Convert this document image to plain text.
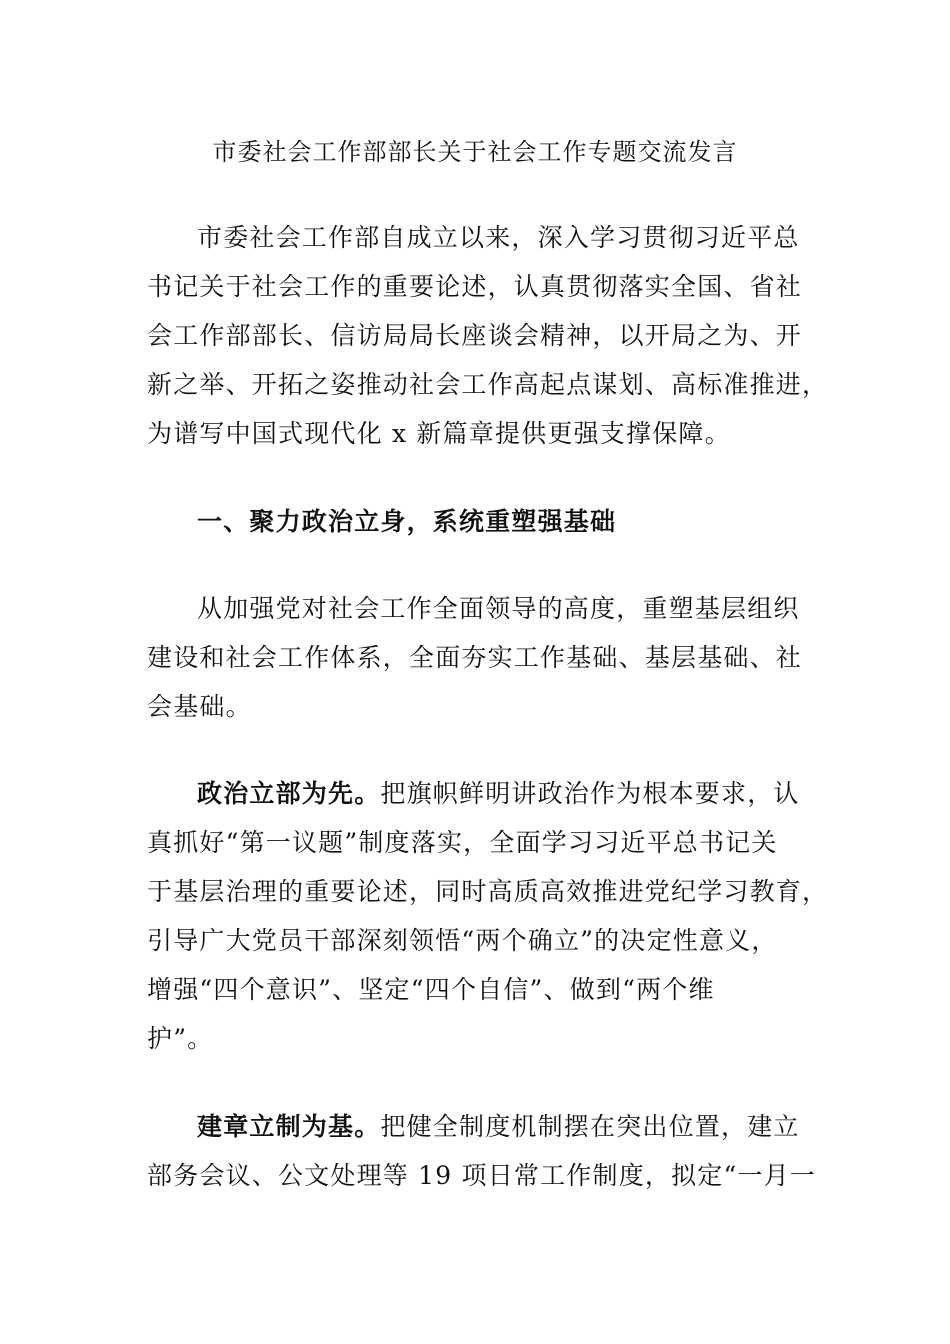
市委社会工作部部长关于社会工作专题交流发言
市委社会工作部自成立以来，深入学习贯彻习近平总
书记关于社会工作的重要论述，认真贯彻落实全国、省社
会工作部部长、信访局局长座谈会精神，以开局之为、开
新之举、开拓之姿推动社会工作高起点谋划、高标准推进，
为谱写中国式现代化 x 新篇章提供更强支撑保障。
一、聚力政治立身，系统重塑强基础
从加强党对社会工作全面领导的高度，重塑基层组织
建设和社会工作体系，全面夯实工作基础、基层基础、社
会基础。
政治立部为先。把旗帜鲜明讲政治作为根本要求，认
真抓好“第一议题”制度落实，全面学习习近平总书记关
于基层治理的重要论述，同时高质高效推进党纪学习教育，
引导广大党员干部深刻领悟“两个确立”的决定性意义，
增强“四个意识”、坚定“四个自信”、做到“两个维
护”。
建章立制为基。把健全制度机制摆在突出位置，建立
部务会议、公文处理等 19 项日常工作制度，拟定“一月一
